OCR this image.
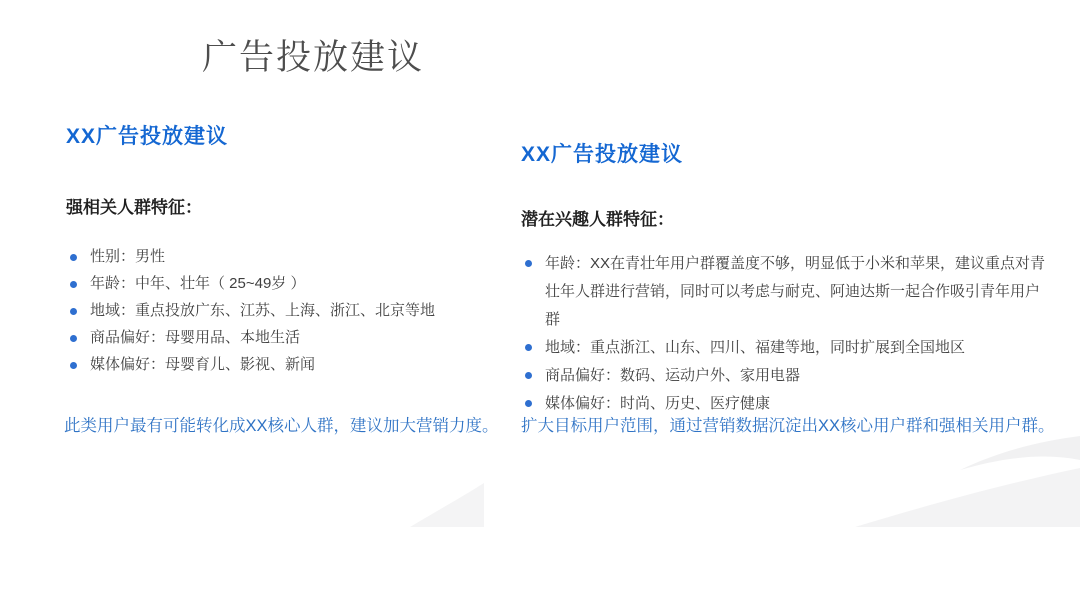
广告投放建议
XX广告投放建议
强相关人群特征：
性别：男性
年龄：中年、壮年（ 25~49岁 ）
地域：重点投放广东、江苏、上海、浙江、北京等地
商品偏好：母婴用品、本地生活
媒体偏好：母婴育儿、影视、新闻

此类用户最有可能转化成XX核心人群，建议加大营销力度。

XX广告投放建议
潜在兴趣人群特征：
年龄：XX在青壮年用户群覆盖度不够，明显低于小米和苹果，建议重点对青壮年人群进行营销，同时可以考虑与耐克、阿迪达斯一起合作吸引青年用户群
地域：重点浙江、山东、四川、福建等地，同时扩展到全国地区
商品偏好：数码、运动户外、家用电器
媒体偏好：时尚、历史、医疗健康

扩大目标用户范围，通过营销数据沉淀出XX核心用户群和强相关用户群。
